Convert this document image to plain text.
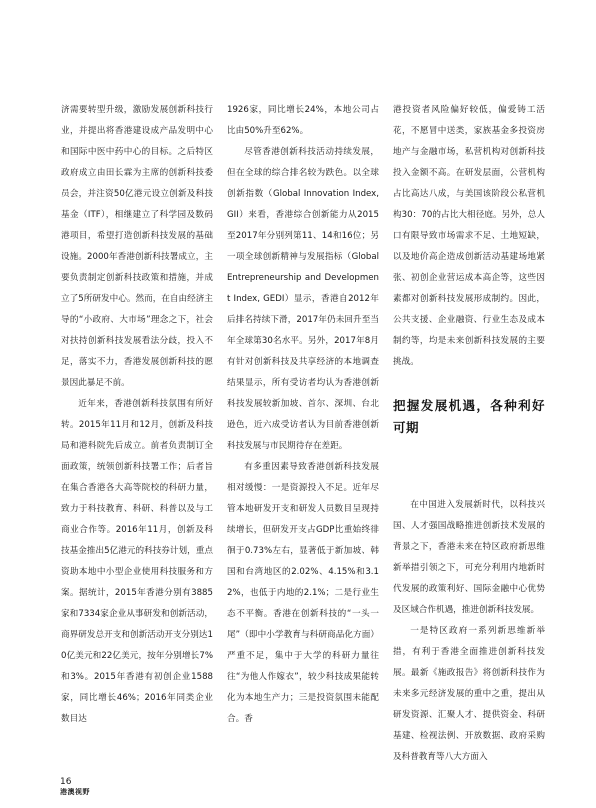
济需要转型升级，激励发展创新科技行业，并提出将香港建设成产品发明中心和国际中医中药中心的目标。之后特区政府成立由田长霖为主席的创新科技委员会，并注资50亿港元设立创新及科技基金（ITF），相继建立了科学园及数码港项目，希望打造创新科技发展的基础设施。2000年香港创新科技署成立，主要负责制定创新科技政策和措施，并成立了5所研发中心。然而，在自由经济主导的“小政府、大市场”理念之下，社会对扶持创新科技发展看法分歧，投入不足，落实不力，香港发展创新科技的愿景因此暴足不前。

近年来，香港创新科技氛围有所好转。2015年11月和12月，创新及科技局和港科院先后成立。前者负责制订全面政策，统领创新科技署工作；后者旨在集合香港各大高等院校的科研力量，致力于科技教育、科研、科普以及与工商业合作等。2016年11月，创新及科技基金推出5亿港元的科技券计划，重点资助本地中小型企业使用科技服务和方案。据统计，2015年香港分别有3885家和7334家企业从事研发和创新活动，商界研发总开支和创新活动开支分别达10亿美元和22亿美元，按年分别增长7%和3%。2015年香港有初创企业1588家，同比增长46%；2016年同类企业数目达

1926家，同比增长24%，本地公司占比由50%升至62%。

尽管香港创新科技活动持续发展，但在全球的综合排名较为跌色。以全球创新指数（Global Innovation Index, GII）来看，香港综合创新能力从2015至2017年分别列第11、14和16位；另一项全球创新精神与发展指标（Global Entrepreneurship and Development Index, GEDI）显示，香港自2012年后排名持续下滑，2017年仍未回升至当年全球第30名水平。另外，2017年8月有针对创新科技及共享经济的本地调查结果显示，所有受访者均认为香港创新科技发展较新加坡、首尔、深圳、台北逊色，近六成受访者认为目前香港创新科技发展与市民期待存在差距。

有多重因素导致香港创新科技发展相对缓慢：一是资源投入不足。近年尽管本地研发开支和研发人员数目呈现持续增长，但研发开支占GDP比重始终徘徊于0.73%左右，显著低于新加坡、韩国和台湾地区的2.02%、4.15%和3.12%，也低于内地的2.1%；二是行业生态不平衡。香港在创新科技的“一头一尾”（即中小学教育与科研商品化方面）严重不足，集中于大学的科研力量往往“为他人作嫁衣”，较少科技成果能转化为本地生产力；三是投资氛围未能配合。香

港投资者风险偏好较低，偏爱铸工活花，不愿冒中送类，家族基金多投资房地产与金融市场，私营机构对创新科技投入金额不高。在研发层面，公营机构占比高达八成，与美国该阶段公私营机构30：70的占比大相径庭。另外，总人口有限导致市场需求不足、土地短缺，以及地价高企造成创新活动基建场地紧张、初创企业营运成本高企等，这些因素都对创新科技发展形成制约。因此，公共支援、企业融资、行业生态及成本制约等，均是未来创新科技发展的主要挑战。

把握发展机遇，各种利好可期

在中国进入发展新时代，以科技兴国、人才强国战略推进创新技术发展的背景之下，香港未来在特区政府新思维新举措引领之下，可充分利用内地新时代发展的政策利好、国际金融中心优势及区域合作机遇，推进创新科技发展。

一是特区政府一系列新思维新举措，有利于香港全面推进创新科技发展。最新《施政报告》将创新科技作为未来多元经济发展的重中之重，提出从研发资源、汇聚人才、提供资金、科研基建、检视法例、开放数据、政府采购及科普教育等八大方面入

16
港澳视野
